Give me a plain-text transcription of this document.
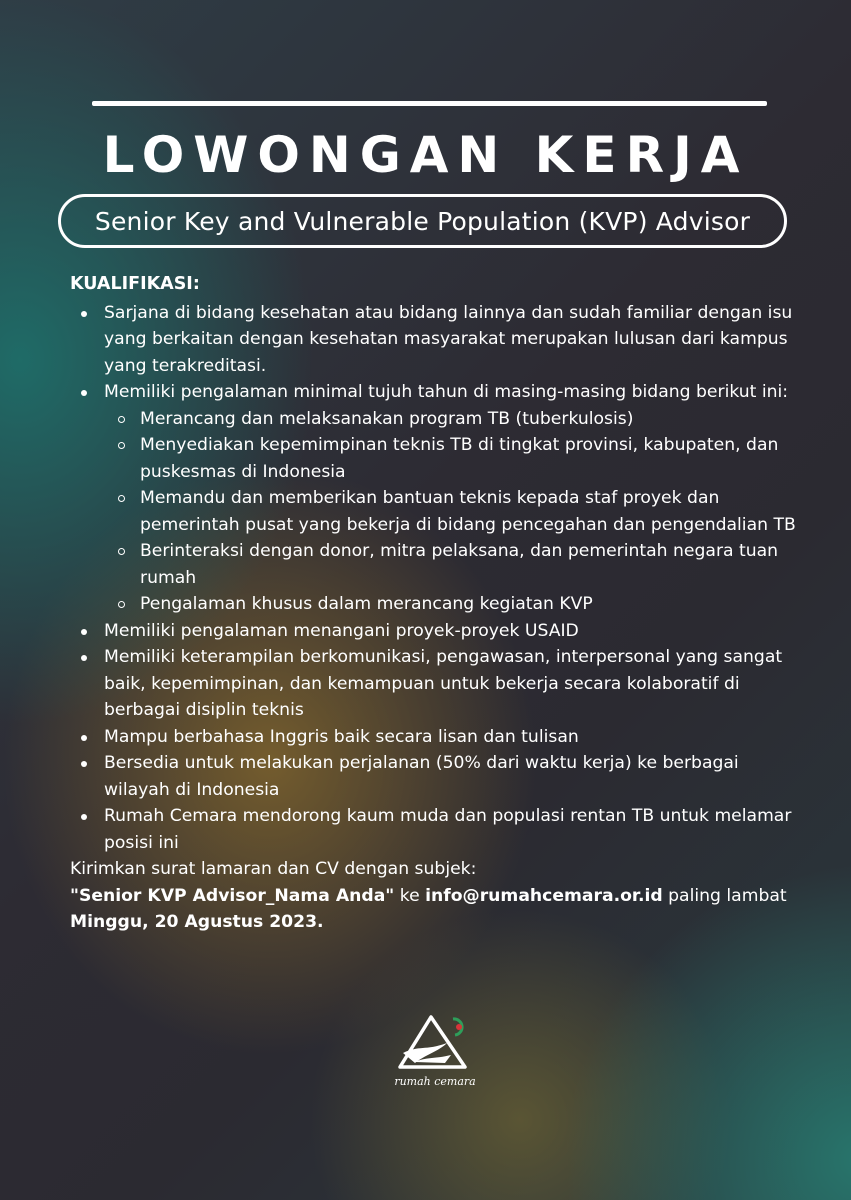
LOWONGAN KERJA
Senior Key and Vulnerable Population (KVP) Advisor
KUALIFIKASI:
Sarjana di bidang kesehatan atau bidang lainnya dan sudah familiar dengan isu yang berkaitan dengan kesehatan masyarakat merupakan lulusan dari kampus yang terakreditasi.
Memiliki pengalaman minimal tujuh tahun di masing-masing bidang berikut ini:
Merancang dan melaksanakan program TB (tuberkulosis)
Menyediakan kepemimpinan teknis TB di tingkat provinsi, kabupaten, dan puskesmas di Indonesia
Memandu dan memberikan bantuan teknis kepada staf proyek dan pemerintah pusat yang bekerja di bidang pencegahan dan pengendalian TB
Berinteraksi dengan donor, mitra pelaksana, dan pemerintah negara tuan rumah
Pengalaman khusus dalam merancang kegiatan KVP
Memiliki pengalaman menangani proyek-proyek USAID
Memiliki keterampilan berkomunikasi, pengawasan, interpersonal yang sangat baik, kepemimpinan, dan kemampuan untuk bekerja secara kolaboratif di berbagai disiplin teknis
Mampu berbahasa Inggris baik secara lisan dan tulisan
Bersedia untuk melakukan perjalanan (50% dari waktu kerja) ke berbagai wilayah di Indonesia
Rumah Cemara mendorong kaum muda dan populasi rentan TB untuk melamar posisi ini

Kirimkan surat lamaran dan CV dengan subjek:
"Senior KVP Advisor_Nama Anda" ke info@rumahcemara.or.id paling lambat Minggu, 20 Agustus 2023.

rumah cemara
